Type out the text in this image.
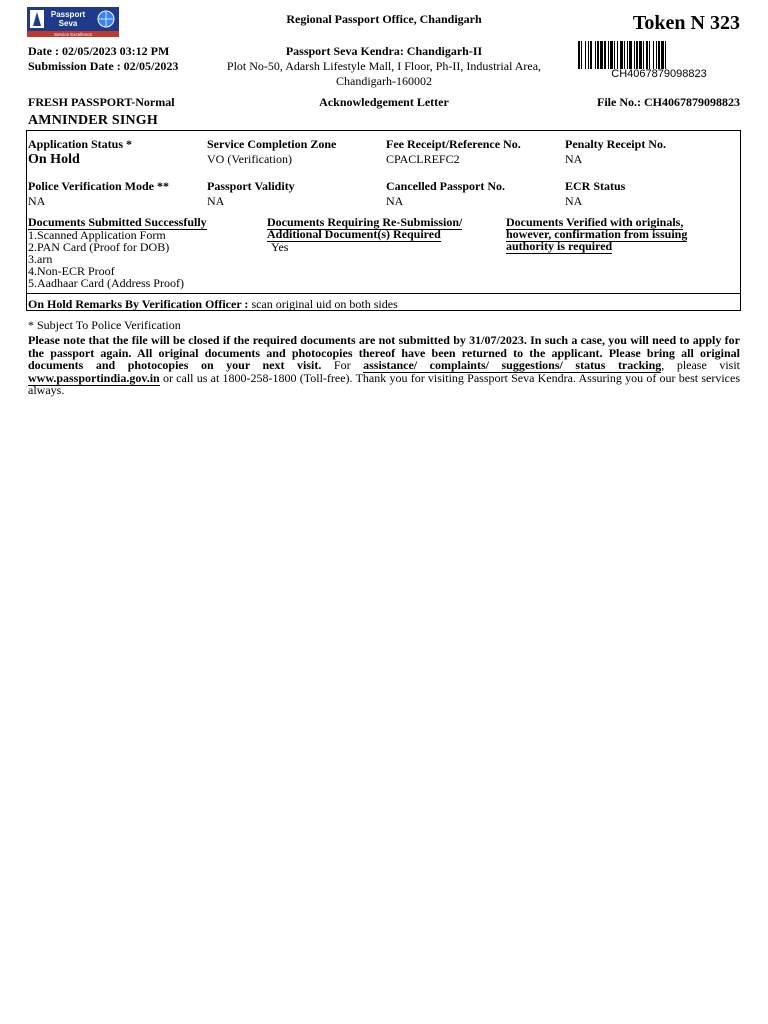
Passport
Seva
Service Excellence
Regional Passport Office, Chandigarh	Token N 323
Date : 02/05/2023 03:12 PM
Submission Date : 02/05/2023
Passport Seva Kendra: Chandigarh-II
Plot No-50, Adarsh Lifestyle Mall, I Floor, Ph-II, Industrial Area,
Chandigarh-160002	CH4067879098823
FRESH PASSPORT-Normal	Acknowledgement Letter	File No.: CH4067879098823
AMNINDER SINGH
Application Status *
On Hold
Service Completion Zone
VO (Verification)
Fee Receipt/Reference No.
CPACLREFC2
Penalty Receipt No.
NA
Police Verification Mode **
NA
Passport Validity
NA
Cancelled Passport No.
NA
ECR Status
NA
Documents Submitted Successfully
1.Scanned Application Form
2.PAN Card (Proof for DOB)
3.arn
4.Non-ECR Proof
5.Aadhaar Card (Address Proof)
Documents Requiring Re-Submission/
Additional Document(s) Required
Yes
Documents Verified with originals,
however, confirmation from issuing
authority is required
On Hold Remarks By Verification Officer : scan original uid on both sides
* Subject To Police Verification
Please note that the file will be closed if the required documents are not submitted by 31/07/2023. In such a case, you will need to apply for the passport again. All original documents and photocopies thereof have been returned to the applicant. Please bring all original documents and photocopies on your next visit. For assistance/ complaints/ suggestions/ status tracking, please visit www.passportindia.gov.in or call us at 1800-258-1800 (Toll-free). Thank you for visiting Passport Seva Kendra. Assuring you of our best services always.
